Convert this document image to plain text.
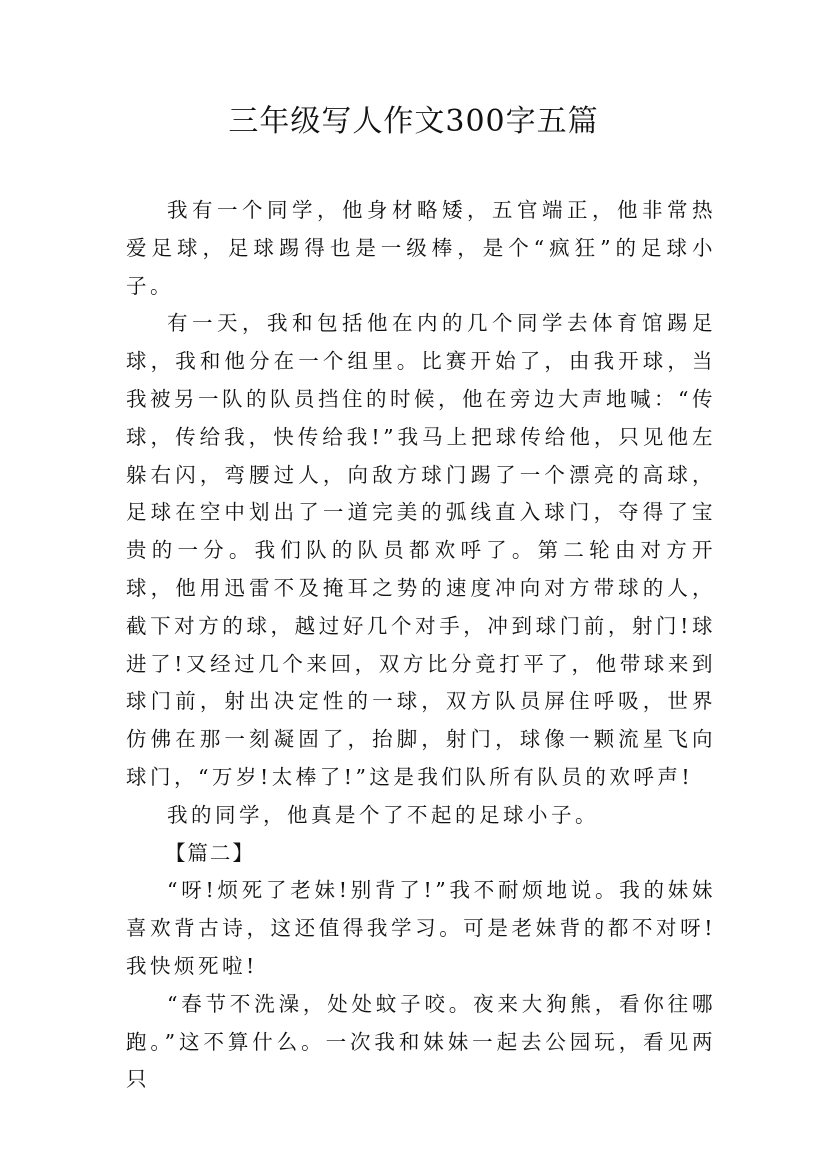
三年级写人作文300字五篇

我有一个同学，他身材略矮，五官端正，他非常热爱足球，足球踢得也是一级棒，是个“疯狂”的足球小子。

有一天，我和包括他在内的几个同学去体育馆踢足球，我和他分在一个组里。比赛开始了，由我开球，当我被另一队的队员挡住的时候，他在旁边大声地喊：“传球，传给我，快传给我!”我马上把球传给他，只见他左躲右闪，弯腰过人，向敌方球门踢了一个漂亮的高球，足球在空中划出了一道完美的弧线直入球门，夺得了宝贵的一分。我们队的队员都欢呼了。第二轮由对方开球，他用迅雷不及掩耳之势的速度冲向对方带球的人，截下对方的球，越过好几个对手，冲到球门前，射门!球进了!又经过几个来回，双方比分竟打平了，他带球来到球门前，射出决定性的一球，双方队员屏住呼吸，世界仿佛在那一刻凝固了，抬脚，射门，球像一颗流星飞向球门，“万岁!太棒了!”这是我们队所有队员的欢呼声!

我的同学，他真是个了不起的足球小子。

【篇二】

“呀!烦死了老妹!别背了!”我不耐烦地说。我的妹妹喜欢背古诗，这还值得我学习。可是老妹背的都不对呀!我快烦死啦!

“春节不洗澡，处处蚊子咬。夜来大狗熊，看你往哪跑。”这不算什么。一次我和妹妹一起去公园玩，看见两只
